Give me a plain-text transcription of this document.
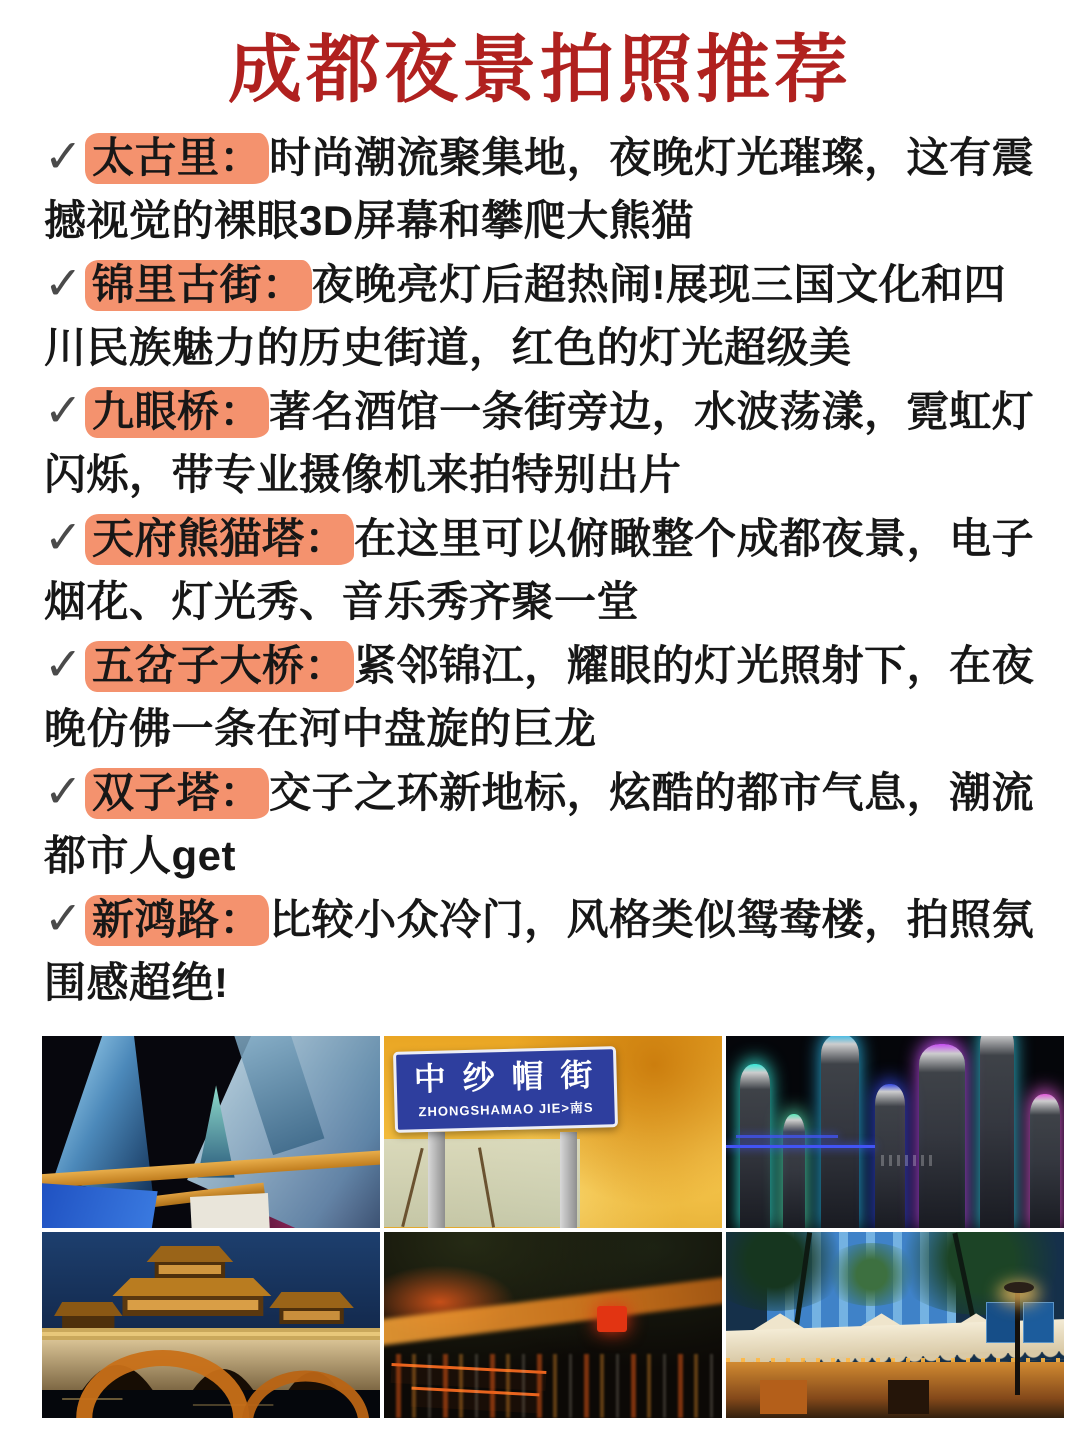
成都夜景拍照推荐

✓ 太古里： 时尚潮流聚集地，夜晚灯光璀璨，这有震撼视觉的裸眼3D屏幕和攀爬大熊猫

✓ 锦里古街： 夜晚亮灯后超热闹!展现三国文化和四川民族魅力的历史街道，红色的灯光超级美

✓ 九眼桥： 著名酒馆一条街旁边，水波荡漾，霓虹灯闪烁，带专业摄像机来拍特别出片

✓ 天府熊猫塔： 在这里可以俯瞰整个成都夜景，电子烟花、灯光秀、音乐秀齐聚一堂

✓ 五岔子大桥： 紧邻锦江，耀眼的灯光照射下，在夜晚仿佛一条在河中盘旋的巨龙

✓ 双子塔： 交子之环新地标，炫酷的都市气息，潮流都市人get

✓ 新鸿路： 比较小众冷门，风格类似鸳鸯楼，拍照氛围感超绝!

中 纱 帽 街
ZHONGSHAMAO JIE>南S
